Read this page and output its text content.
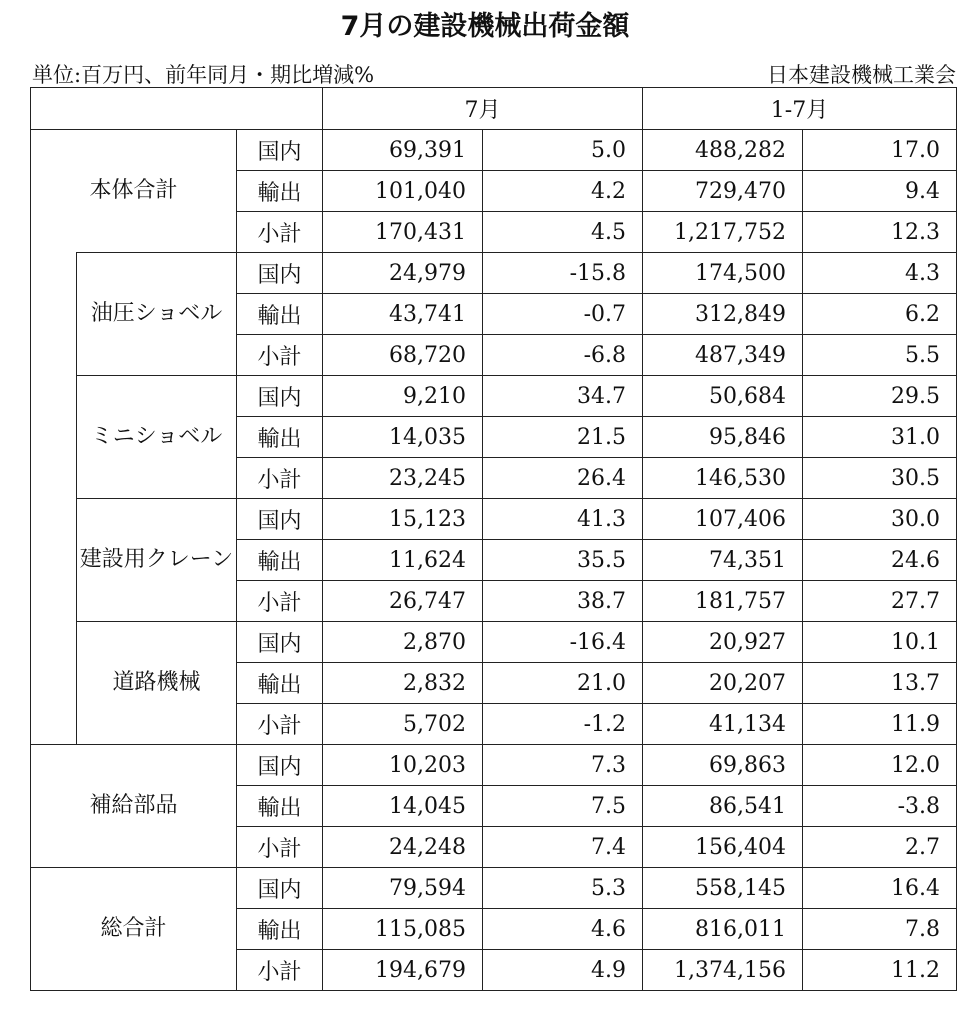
7月の建設機械出荷金額
単位:百万円、前年同月・期比増減%	日本建設機械工業会
			7月		1-7月	
本体合計		国内	69,391	5.0	488,282	17.0
		輸出	101,040	4.2	729,470	9.4
		小計	170,431	4.5	1,217,752	12.3
	油圧ショベル	国内	24,979	-15.8	174,500	4.3
		輸出	43,741	-0.7	312,849	6.2
		小計	68,720	-6.8	487,349	5.5
	ミニショベル	国内	9,210	34.7	50,684	29.5
		輸出	14,035	21.5	95,846	31.0
		小計	23,245	26.4	146,530	30.5
	建設用クレーン	国内	15,123	41.3	107,406	30.0
		輸出	11,624	35.5	74,351	24.6
		小計	26,747	38.7	181,757	27.7
	道路機械	国内	2,870	-16.4	20,927	10.1
		輸出	2,832	21.0	20,207	13.7
		小計	5,702	-1.2	41,134	11.9
補給部品		国内	10,203	7.3	69,863	12.0
		輸出	14,045	7.5	86,541	-3.8
		小計	24,248	7.4	156,404	2.7
総合計		国内	79,594	5.3	558,145	16.4
		輸出	115,085	4.6	816,011	7.8
		小計	194,679	4.9	1,374,156	11.2
